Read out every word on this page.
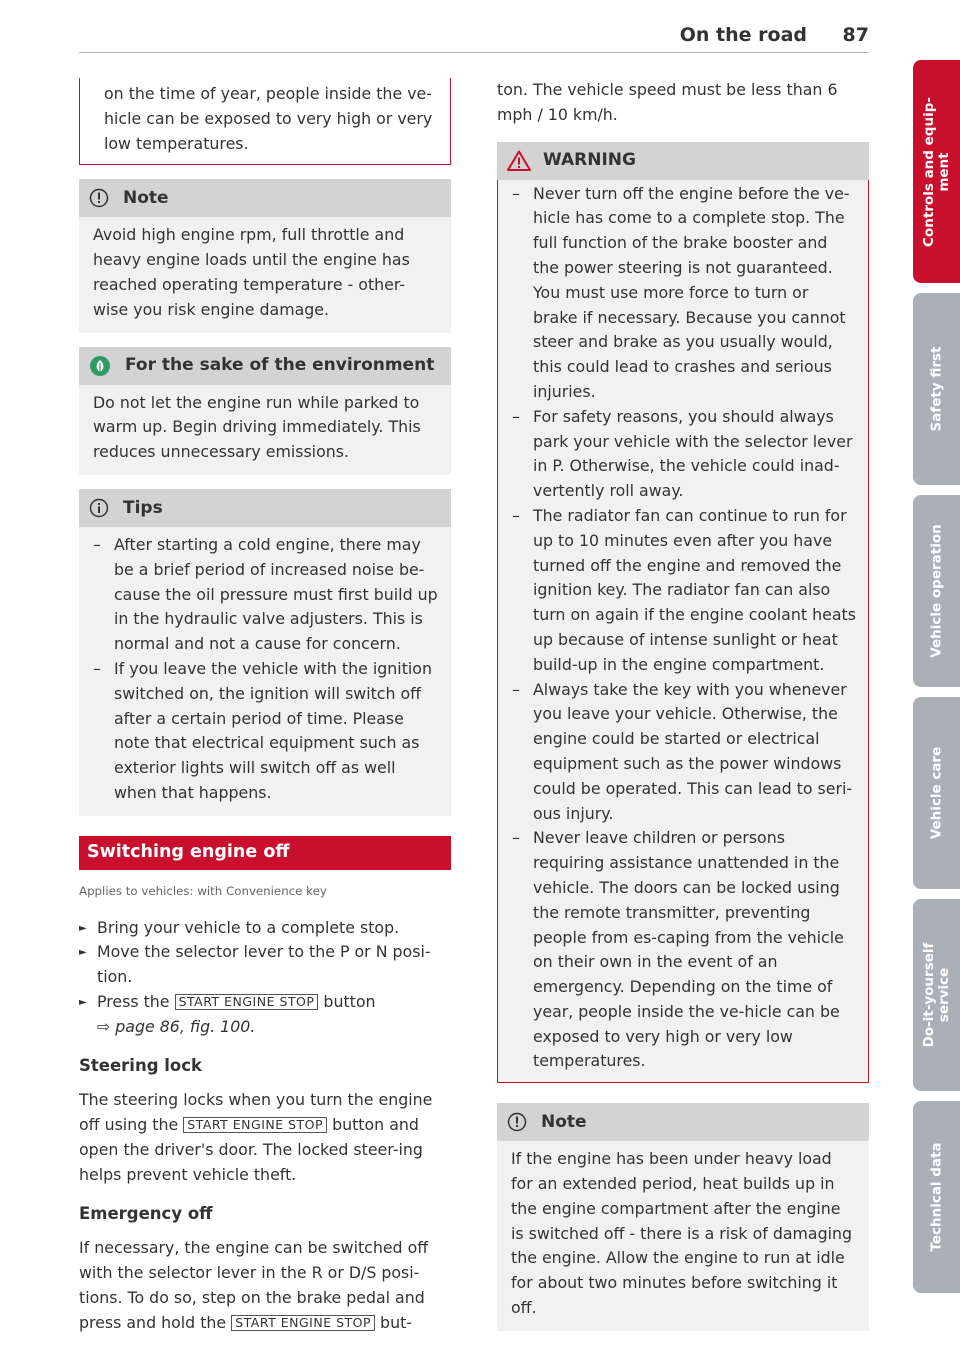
On the road 87

on the time of year, people inside the ve-hicle can be exposed to very high or very low temperatures.

Note

Avoid high engine rpm, full throttle and heavy engine loads until the engine has reached operating temperature - other-wise you risk engine damage.

For the sake of the environment

Do not let the engine run while parked to warm up. Begin driving immediately. This reduces unnecessary emissions.

Tips
– After starting a cold engine, there may be a brief period of increased noise be-cause the oil pressure must first build up in the hydraulic valve adjusters. This is normal and not a cause for concern.
– If you leave the vehicle with the ignition switched on, the ignition will switch off after a certain period of time. Please note that electrical equipment such as exterior lights will switch off as well when that happens.
Switching engine off
Applies to vehicles: with Convenience key
► Bring your vehicle to a complete stop.
► Move the selector lever to the P or N posi-tion.
► Press the START ENGINE STOP button
⇨ page 86, fig. 100.
Steering lock

The steering locks when you turn the engine off using the START ENGINE STOP button and open the driver's door. The locked steer-ing helps prevent vehicle theft.

Emergency off

If necessary, the engine can be switched off with the selector lever in the R or D/S posi-tions. To do so, step on the brake pedal and press and hold the START ENGINE STOP but-

ton. The vehicle speed must be less than 6 mph / 10 km/h.

WARNING
– Never turn off the engine before the ve-hicle has come to a complete stop. The full function of the brake booster and the power steering is not guaranteed. You must use more force to turn or brake if necessary. Because you cannot steer and brake as you usually would, this could lead to crashes and serious injuries.
– For safety reasons, you should always park your vehicle with the selector lever in P. Otherwise, the vehicle could inad-vertently roll away.
– The radiator fan can continue to run for up to 10 minutes even after you have turned off the engine and removed the ignition key. The radiator fan can also turn on again if the engine coolant heats up because of intense sunlight or heat build-up in the engine compartment.
– Always take the key with you whenever you leave your vehicle. Otherwise, the engine could be started or electrical equipment such as the power windows could be operated. This can lead to seri-ous injury.
– Never leave children or persons requiring assistance unattended in the vehicle. The doors can be locked using the remote transmitter, preventing people from es-caping from the vehicle on their own in the event of an emergency. Depending on the time of year, people inside the ve-hicle can be exposed to very high or very low temperatures.
Note

If the engine has been under heavy load for an extended period, heat builds up in the engine compartment after the engine is switched off - there is a risk of damaging the engine. Allow the engine to run at idle for about two minutes before switching it off.

Controls and equip-
ment
Safety first
Vehicle operation
Vehicle care
Do-it-yourself
service
Technical data
